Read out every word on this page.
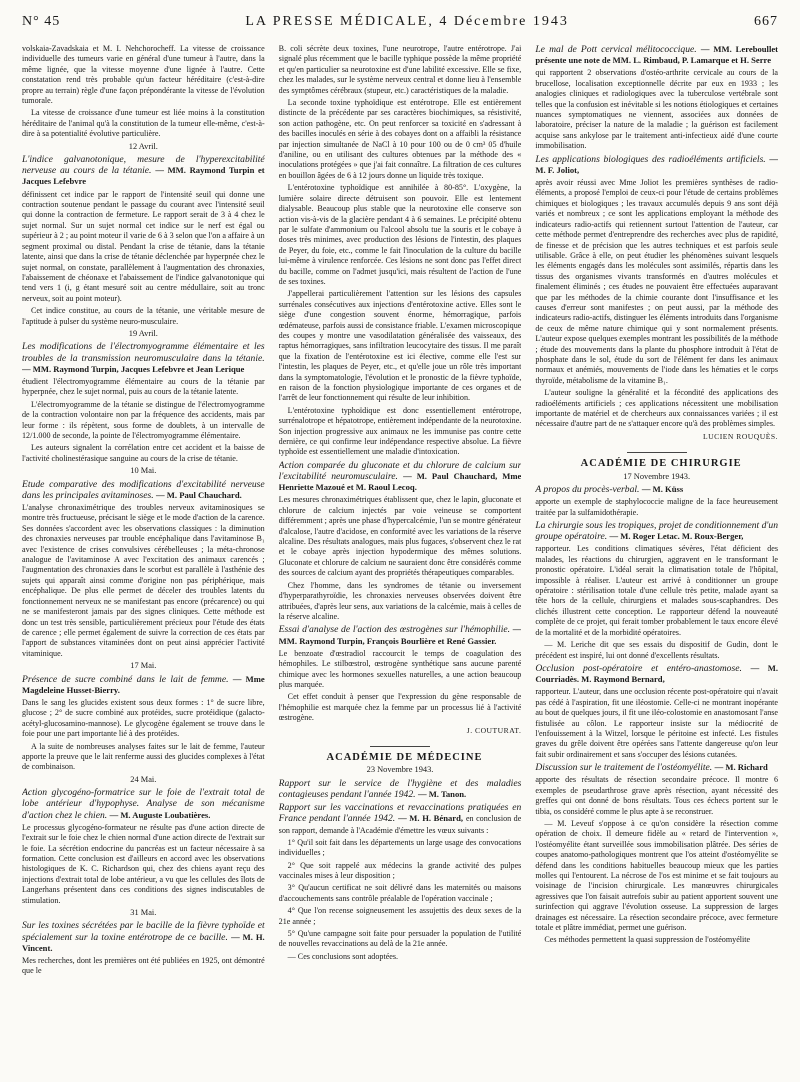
N° 45	LA PRESSE MÉDICALE, 4 Décembre 1943	667

volskaia-Zavadskaia et M. I. Nehchorocheff. La vitesse de croissance individuelle des tumeurs varie en général d'une tumeur à l'autre, dans la même lignée, que la vitesse moyenne d'une lignée à l'autre. Cette constatation rend très probable qu'un facteur héréditaire (c'est-à-dire propre au terrain) règle d'une façon prépondérante la vitesse de l'évolution tumorale.

La vitesse de croissance d'une tumeur est liée moins à la constitution héréditaire de l'animal qu'à la constitution de la tumeur elle-même, c'est-à-dire à sa potentialité évolutive particulière.

12 Avril.

L'indice galvanotonique, mesure de l'hyperexcitabilité nerveuse au cours de la tétanie. — MM. Raymond Turpin et Jacques Lefebvre

définissent cet indice par le rapport de l'intensité seuil qui donne une contraction soutenue pendant le passage du courant avec l'intensité seuil qui donne la contraction de fermeture. Le rapport serait de 3 à 4 chez le sujet normal. Sur un sujet normal cet indice sur le nerf est égal ou supérieur à 2 ; au point moteur il varie de 6 à 3 selon que l'on a affaire à un segment proximal ou distal. Pendant la crise de tétanie, dans la tétanie latente, ainsi que dans la crise de tétanie déclenchée par hyperpnée chez le sujet normal, on constate, parallèlement à l'augmentation des chronaxies, l'abaissement de chéonaxe et l'abaissement de l'indice galvanotonique qui tend vers 1 (i, g étant mesuré soit au centre médullaire, soit au tronc nerveux, soit au point moteur).

Cet indice constitue, au cours de la tétanie, une véritable mesure de l'aptitude à pulser du système neuro-musculaire.

19 Avril.

Les modifications de l'électromyogramme élémentaire et les troubles de la transmission neuromusculaire dans la tétanie. — MM. Raymond Turpin, Jacques Lefebvre et Jean Lerique

étudient l'électromyogramme élémentaire au cours de la tétanie par hyperpnée, chez le sujet normal, puis au cours de la tétanie latente.

L'électromyogramme de la tétanie se distingue de l'électromyogramme de la contraction volontaire non par la fréquence des accidents, mais par leur forme : ils répètent, sous forme de doublets, à un intervalle de 12/1.000 de seconde, la pointe de l'électromyogramme élémentaire.

Les auteurs signalent la corrélation entre cet accident et la baisse de l'activité cholinestérasique sanguine au cours de la crise de tétanie.

10 Mai.

Etude comparative des modifications d'excitabilité nerveuse dans les principales avitaminoses. — M. Paul Chauchard.

L'analyse chronaximétrique des troubles nerveux avitaminosiques se montre très fructueuse, précisant le siège et le mode d'action de la carence. Ses données s'accordent avec les observations classiques : la diminution des chronaxies nerveuses par trouble encéphalique dans l'avitaminose B₁ avec l'existence de crises convulsives cérébelleuses ; la méta-chronose analogue de l'avitaminose A avec l'excitation des animaux carencés ; l'augmentation des chronaxies dans le scorbut est parallèle à l'asthénie des sujets qui apparaît ainsi comme d'origine non pas périphérique, mais encéphalique. De plus elle permet de déceler des troubles latents du fonctionnement nerveux ne se manifestant pas encore (précarence) ou qui ne se manifesteront jamais par des signes cliniques. Cette méthode est donc un test très sensible, particulièrement précieux pour l'étude des états de carence ; elle permet également de suivre la correction de ces états par l'apport de substances vitaminées dont on peut ainsi apprécier l'activité vitaminique.

17 Mai.

Présence de sucre combiné dans le lait de femme. — Mme Magdeleine Husset-Bierry.

Dans le sang les glucides existent sous deux formes : 1° de sucre libre, glucose ; 2° de sucre combiné aux protéides, sucre protéidique (galacto-acétyl-glucosamino-mannose). Le glycogène également se trouve dans le foie pour une part importante lié à des protéides.

A la suite de nombreuses analyses faites sur le lait de femme, l'auteur apporte la preuve que le lait renferme aussi des glucides complexes à l'état de combinaison.

24 Mai.

Action glycogéno-formatrice sur le foie de l'extrait total de lobe antérieur d'hypophyse. Analyse de son mécanisme d'action chez le chien. — M. Auguste Loubatières.

Le processus glycogéno-formateur ne résulte pas d'une action directe de l'extrait sur le foie chez le chien normal d'une action directe de l'extrait sur le foie. La sécrétion endocrine du pancréas est un facteur nécessaire à sa formation. Cette conclusion est d'ailleurs en accord avec les observations histologiques de K. C. Richardson qui, chez des chiens ayant reçu des injections d'extrait total de lobe antérieur, a vu que les cellules des îlots de Langerhans présentent dans ces conditions des signes indiscutables de stimulation.

31 Mai.

Sur les toxines sécrétées par le bacille de la fièvre typhoïde et spécialement sur la toxine entérotrope de ce bacille. — M. H. Vincent.

Mes recherches, dont les premières ont été publiées en 1925, ont démontré que le

B. coli sécrète deux toxines, l'une neurotrope, l'autre entérotrope. J'ai signalé plus récemment que le bacille typhique possède la même propriété et qu'en particulier sa neurotoxine est d'une labilité excessive. Elle se fixe, chez les malades, sur le système nerveux central et donne lieu à l'ensemble des symptômes cérébraux (stupeur, etc.) caractéristiques de la maladie.

La seconde toxine typhoïdique est entérotrope. Elle est entièrement distincte de la précédente par ses caractères biochimiques, sa résistivité, son action pathogène, etc. On peut renforcer sa toxicité en s'adressant à des bacilles inoculés en série à des cobayes dont on a affaibli la résistance par injection simultanée de NaCl à 10 pour 100 ou de 0 cm³ 05 d'huile d'aniline, ou en utilisant des cultures obtenues par la méthode des « inoculations protégées » que j'ai fait connaître. La filtration de ces cultures en bouillon âgées de 6 à 12 jours donne un liquide très toxique.

L'entérotoxine typhoïdique est annihilée à 80-85°. L'oxygène, la lumière solaire directe détruisent son pouvoir. Elle est lentement dialysable. Beaucoup plus stable que la neurotoxine elle conserve son action vis-à-vis de la glacière pendant 4 à 6 semaines. Le précipité obtenu par le sulfate d'ammonium ou l'alcool absolu tue la souris et le cobaye à doses très minimes, avec production des lésions de l'intestin, des plaques de Peyer, du foie, etc., comme le fait l'inoculation de la culture du bacille lui-même à virulence renforcée. Ces lésions ne sont donc pas l'effet direct du bacille, comme on l'admet jusqu'ici, mais résultent de l'action de l'une de ses toxines.

J'appellerai particulièrement l'attention sur les lésions des capsules surrénales consécutives aux injections d'entérotoxine active. Elles sont le siège d'une congestion souvent énorme, hémorragique, parfois œdémateuse, parfois aussi de consistance friable. L'examen microscopique des coupes y montre une vasodilatation généralisée des vaisseaux, des raptus hémorragiques, sans infiltration leucocytaire des tissus. Il me paraît que la fixation de l'entérotoxine est ici élective, comme elle l'est sur l'intestin, les plaques de Peyer, etc., et qu'elle joue un rôle très important dans la symptomatologie, l'évolution et le pronostic de la fièvre typhoïde, en raison de la fonction physiologique importante de ces organes et de l'arrêt de leur fonctionnement qui résulte de leur inhibition.

L'entérotoxine typhoïdique est donc essentiellement entérotrope, surrénalotrope et hépatotrope, entièrement indépendante de la neurotoxine. Son injection progressive aux animaux ne les immunise pas contre cette dernière, ce qui confirme leur indépendance respective absolue. La fièvre typhoïde est essentiellement une maladie d'intoxication.

Action comparée du gluconate et du chlorure de calcium sur l'excitabilité neuromusculaire. — M. Paul Chauchard, Mme Henriette Mazoué et M. Raoul Lecoq.

Les mesures chronaximétriques établissent que, chez le lapin, gluconate et chlorure de calcium injectés par voie veineuse se comportent différemment ; après une phase d'hypercalcémie, l'un se montre générateur d'alcalose, l'autre d'acidose, en conformité avec les variations de la réserve alcaline. Des résultats analogues, mais plus fugaces, s'observent chez le rat et le cobaye après injection hypodermique des mêmes solutions. Gluconate et chlorure de calcium ne sauraient donc être considérés comme des sources de calcium ayant des propriétés thérapeutiques comparables.

Chez l'homme, dans les syndromes de tétanie ou inversement d'hyperparathyroïdie, les chronaxies nerveuses observées doivent être attribuées, d'après leur sens, aux variations de la calcémie, mais à celles de la réserve alcaline.

Essai d'analyse de l'action des œstrogènes sur l'hémophilie. — MM. Raymond Turpin, François Bourlière et René Gassier.

Le benzoate d'œstradiol raccourcit le temps de coagulation des hémophiles. Le stilbœstrol, œstrogène synthétique sans aucune parenté chimique avec les hormones sexuelles naturelles, a une action beaucoup plus marquée.

Cet effet conduit à penser que l'expression du gène responsable de l'hémophilie est marquée chez la femme par un processus lié à l'activité œstrogène.

J. COUTURAT.

ACADÉMIE DE MÉDECINE

23 Novembre 1943.

Rapport sur le service de l'hygiène et des maladies contagieuses pendant l'année 1942. — M. Tanon.

Rapport sur les vaccinations et revaccinations pratiquées en France pendant l'année 1942. — M. H. Bénard, en conclusion de son rapport, demande à l'Académie d'émettre les vœux suivants :

1° Qu'il soit fait dans les départements un large usage des convocations individuelles ;

2° Que soit rappelé aux médecins la grande activité des pulpes vaccinales mises à leur disposition ;

3° Qu'aucun certificat ne soit délivré dans les maternités ou maisons d'accouchements sans contrôle préalable de l'opération vaccinale ;

4° Que l'on recense soigneusement les assujettis des deux sexes de la 21e année ;

5° Qu'une campagne soit faite pour persuader la population de l'utilité de nouvelles revaccinations au delà de la 21e année.

— Ces conclusions sont adoptées.

Le mal de Pott cervical mélitococcique. — MM. Lereboullet présente une note de MM. L. Rimbaud, P. Lamarque et H. Serre

qui rapportent 2 observations d'ostéo-arthrite cervicale au cours de la brucellose, localisation exceptionnelle décrite par eux en 1933 ; les analogies cliniques et radiologiques avec la tuberculose vertébrale sont telles que la confusion est inévitable si les notions étiologiques et certaines nuances symptomatiques ne viennent, associées aux données de laboratoire, préciser la nature de la maladie ; la guérison est facilement acquise sans ankylose par le traitement anti-infectieux aidé d'une courte immobilisation.

Les applications biologiques des radioéléments artificiels. — M. F. Joliot,

après avoir réussi avec Mme Joliot les premières synthèses de radio-éléments, a proposé l'emploi de ceux-ci pour l'étude de certains problèmes chimiques et biologiques ; les travaux accumulés depuis 9 ans sont déjà variés et nombreux ; ce sont les applications employant la méthode des indicateurs radio-actifs qui retiennent surtout l'attention de l'auteur, car cette méthode permet d'entreprendre des recherches avec plus de rapidité, de finesse et de précision que les autres techniques et est parfois seule utilisable. Grâce à elle, on peut étudier les phénomènes suivant lesquels les éléments engagés dans les molécules sont assimilés, répartis dans les tissus des organismes vivants transformés en d'autres molécules et finalement éliminés ; ces études ne pouvaient être effectuées auparavant que par les méthodes de la chimie courante dont l'insuffisance et les causes d'erreur sont manifestes ; on peut aussi, par la méthode des indicateurs radio-actifs, distinguer les éléments introduits dans l'organisme de ceux de même nature chimique qui y sont normalement présents. L'auteur expose quelques exemples montrant les possibilités de la méthode ; étude des mouvements dans la plante du phosphore introduit à l'état de phosphate dans le sol, étude du sort de l'élément fer dans les animaux normaux et anémiés, mouvements de l'iode dans les hématies et le corps thyroïde, métabolisme de la vitamine B₁.

L'auteur souligne la généralité et la fécondité des applications des radioéléments artificiels ; ces applications nécessitent une mobilisation importante de matériel et de chercheurs aux connaissances variées ; il est nécessaire d'autre part de ne s'attaquer encore qu'à des problèmes simples.

LUCIEN ROUQUÈS.

ACADÉMIE DE CHIRURGIE

17 Novembre 1943.

A propos du procès-verbal. — M. Küss

apporte un exemple de staphylococcie maligne de la face heureusement traitée par la sulfamidothérapie.

La chirurgie sous les tropiques, projet de conditionnement d'un groupe opératoire. — M. Roger Letac. M. Roux-Berger,

rapporteur. Les conditions climatiques sévères, l'état déficient des malades, les réactions du chirurgien, aggravent en le transformant le pronostic opératoire. L'idéal serait la climatisation totale de l'hôpital, impossible à réaliser. L'auteur est arrivé à conditionner un groupe opératoire : stérilisation totale d'une cellule très petite, malade ayant sa tête hors de la cellule, chirurgiens et malades sous-scaphandres. Des clichés illustrent cette conception. Le rapporteur défend la nouveauté complète de ce projet, qui ferait tomber probablement le taux encore élevé de la mortalité et de la morbidité opératoires.

— M. Leriche dit que ses essais du dispositif de Gudin, dont le précédent est inspiré, lui ont donné d'excellents résultats.

Occlusion post-opératoire et entéro-anastomose. — M. Courriadès. M. Raymond Bernard,

rapporteur. L'auteur, dans une occlusion récente post-opératoire qui n'avait pas cédé à l'aspiration, fit une iléostomie. Celle-ci ne montrant inopérante au bout de quelques jours, il fit une iléo-colostomie en anastomosant l'anse fistulisée au côlon. Le rapporteur insiste sur la médiocrité de l'enfouissement à la Witzel, lorsque le péritoine est infecté. Les fistules graves du grêle doivent être opérées sans l'attente dangereuse qu'on leur fait subir ordinairement et sans s'occuper des lésions cutanées.

Discussion sur le traitement de l'ostéomyélite. — M. Richard

apporte des résultats de résection secondaire précoce. Il montre 6 exemples de pseudarthrose grave après résection, ayant nécessité des greffes qui ont donné de bons résultats. Tous ces échecs portent sur le tibia, os considéré comme le plus apte à se reconstruer.

— M. Leveuf s'oppose à ce qu'on considère la résection comme opération de choix. Il demeure fidèle au « retard de l'intervention », l'ostéomyélite étant surveillée sous immobilisation plâtrée. Des séries de coupes anatomo-pathologiques montrent que l'os atteint d'ostéomyélite se défend dans les conditions habituelles beaucoup mieux que les parties molles qui l'entourent. La nécrose de l'os est minime et se fait toujours au voisinage de l'incision chirurgicale. Les manœuvres chirurgicales agressives que l'on faisait autrefois subir au patient apportent souvent une surinfection qui aggrave l'évolution osseuse. La suppression de larges drainages est nécessaire. La résection secondaire précoce, avec fermeture totale et plâtre immédiat, permet une guérison.

Ces méthodes permettent la quasi suppression de l'ostéomyélite
